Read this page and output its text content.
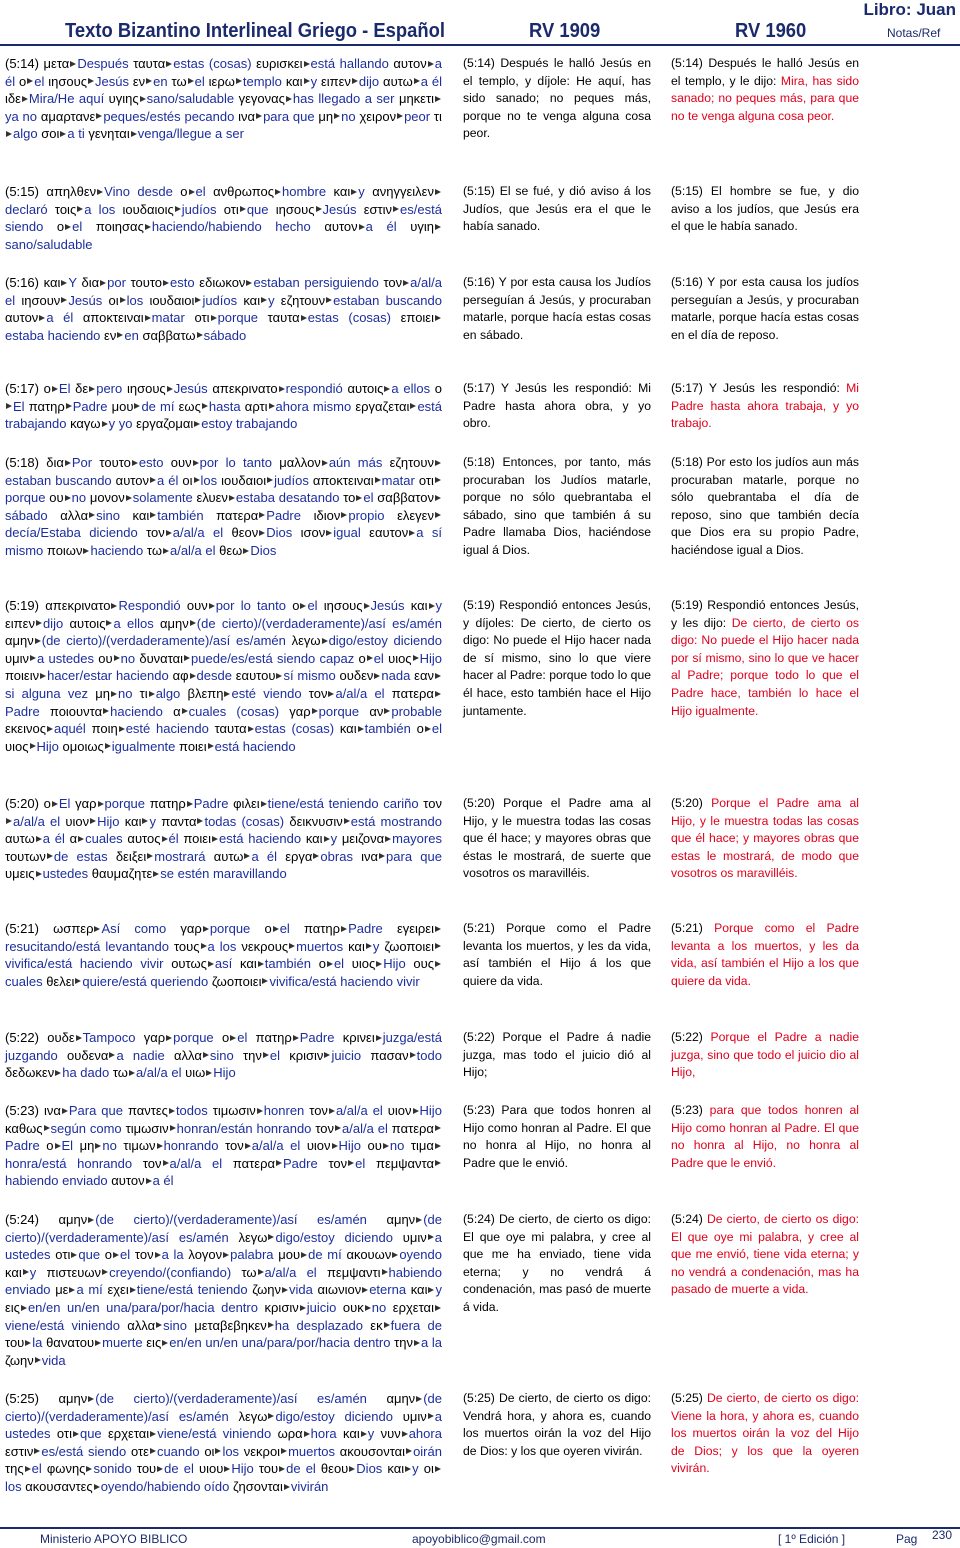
Texto Bizantino Interlineal Griego - Español	RV 1909	RV 1960
Libro: Juan
Notas/Ref
(5:14) μετα Después ταυτα estas (cosas) ευρισκει está hallando αυτον a él ο el ιησους Jesús εν en τω el ιερω templo και y ειπεν dijo αυτω a él ιδε Mira/He aquí υγιης sano/saludable γεγονας has llegado a ser μηκετιya no αμαρτανε peques/estés pecando ινα para que μη no χειρον peor τιalgo σοι a ti γενηται venga/llegue a ser
(5:14) Después le halló Jesús en el templo, y díjole: He aquí, has sido sanado; no peques más, porque no te venga alguna cosa peor.
(5:14) Después le halló Jesús en el templo, y le dijo: Mira, has sido sanado; no peques más, para que no te venga alguna cosa peor.
(5:15) απηλθεν Vino desde ο el ανθρωπος hombre και y ανηγγειλενdeclaró τοις a los ιουδαιοις judíos οτι que ιησους Jesús εστιν es/está siendo ο el ποιησας haciendo/habiendo hecho αυτον a él υγιηsano/saludable
(5:15) El se fué, y dió aviso á los Judíos, que Jesús era el que le había sanado.
(5:15) El hombre se fue, y dio aviso a los judíos, que Jesús era el que le había sanado.
(5:16) και Y δια por τουτο esto εδιωκον estaban persiguiendo τον a/al/a el ιησουν Jesús οι los ιουδαιοι judíos και y εζητουν estaban buscando αυτον a él αποκτειναι matar οτι porque ταυτα estas (cosas) εποιειestaba haciendo εν en σαββατω sábado
(5:16) Y por esta causa los Judíos perseguían á Jesús, y procuraban matarle, porque hacía estas cosas en sábado.
(5:16) Y por esta causa los judíos perseguían a Jesús, y procuraban matarle, porque hacía estas cosas en el día de reposo.
(5:17) ο El δε pero ιησους Jesús απεκρινατο respondió αυτοις a ellos οEl πατηρ Padre μου de mí εως hasta αρτι ahora mismo εργαζεται está trabajando καγω y yo εργαζομαι estoy trabajando
(5:17) Y Jesús les respondió: Mi Padre hasta ahora obra, y yo obro.
(5:17) Y Jesús les respondió: Mi Padre hasta ahora trabaja, y yo trabajo.
(5:18) δια Por τουτο esto ουν por lo tanto μαλλον aún más εζητουνestaban buscando αυτον a él οι los ιουδαιοι judíos αποκτειναι matar οτιporque ου no μονον solamente ελυεν estaba desatando το el σαββατονsábado αλλα sino και también πατερα Padre ιδιον propio ελεγενdecía/Estaba diciendo τον a/al/a el θεον Dios ισον igual εαυτον a sí mismo ποιων haciendo τω a/al/a el θεω Dios
(5:18) Entonces, por tanto, más procuraban los Judíos matarle, porque no sólo quebrantaba el sábado, sino que también á su Padre llamaba Dios, haciéndose igual á Dios.
(5:18) Por esto los judíos aun más procuraban matarle, porque no sólo quebrantaba el día de reposo, sino que también decía que Dios era su propio Padre, haciéndose igual a Dios.
(5:19) απεκρινατο Respondió ουν por lo tanto ο el ιησους Jesús και y ειπεν dijo αυτοις a ellos αμην (de cierto)/(verdaderamente)/así es/amén αμην (de cierto)/(verdaderamente)/así es/amén λεγω digo/estoy diciendo υμιν a ustedes ου no δυναται puede/es/está siendo capaz ο el υιος Hijo ποιειν hacer/estar haciendo αφ desde εαυτου sí mismo ουδεν nada εανsi alguna vez μη no τι algo βλεπη esté viendo τον a/al/a el πατεραPadre ποιουντα haciendo α cuales (cosas) γαρ porque αν probable εκεινος aquél ποιη esté haciendo ταυτα estas (cosas) και también ο el υιος Hijo ομοιως igualmente ποιει está haciendo
(5:19) Respondió entonces Jesús, y díjoles: De cierto, de cierto os digo: No puede el Hijo hacer nada de sí mismo, sino lo que viere hacer al Padre: porque todo lo que él hace, esto también hace el Hijo juntamente.
(5:19) Respondió entonces Jesús, y les dijo: De cierto, de cierto os digo: No puede el Hijo hacer nada por sí mismo, sino lo que ve hacer al Padre; porque todo lo que el Padre hace, también lo hace el Hijo igualmente.
(5:20) ο El γαρ porque πατηρ Padre φιλει tiene/está teniendo cariño τονa/al/a el υιον Hijo και y παντα todas (cosas) δεικνυσιν está mostrando αυτω a él α cuales αυτος él ποιει está haciendo και y μειζονα mayores τουτων de estas δειξει mostrará αυτω a él εργα obras ινα para que υμεις ustedes θαυμαζητε se estén maravillando
(5:20) Porque el Padre ama al Hijo, y le muestra todas las cosas que él hace; y mayores obras que éstas le mostrará, de suerte que vosotros os maravilléis.
(5:20) Porque el Padre ama al Hijo, y le muestra todas las cosas que él hace; y mayores obras que estas le mostrará, de modo que vosotros os maravilléis.
(5:21) ωσπερ Así como γαρ porque ο el πατηρ Padre εγειρειresucitando/está levantando τους a los νεκρους muertos και y ζωοποιειvivifica/está haciendo vivir ουτως así και también ο el υιος Hijo ουςcuales θελει quiere/está queriendo ζωοποιει vivifica/está haciendo vivir
(5:21) Porque como el Padre levanta los muertos, y les da vida, así también el Hijo á los que quiere da vida.
(5:21) Porque como el Padre levanta a los muertos, y les da vida, así también el Hijo a los que quiere da vida.
(5:22) ουδε Tampoco γαρ porque ο el πατηρ Padre κρινει juzga/está juzgando ουδενα a nadie αλλα sino την el κρισιν juicio πασαν todo δεδωκεν ha dado τω a/al/a el υιω Hijo
(5:22) Porque el Padre á nadie juzga, mas todo el juicio dió al Hijo;
(5:22) Porque el Padre a nadie juzga, sino que todo el juicio dio al Hijo,
(5:23) ινα Para que παντες todos τιμωσιν honren τον a/al/a el υιον Hijo καθως según como τιμωσιν honran/están honrando τον a/al/a el πατεραPadre ο El μη no τιμων honrando τον a/al/a el υιον Hijo ου no τιμαhonra/está honrando τον a/al/a el πατερα Padre τον el πεμψανταhabiendo enviado αυτον a él
(5:23) Para que todos honren al Hijo como honran al Padre. El que no honra al Hijo, no honra al Padre que le envió.
(5:23) para que todos honren al Hijo como honran al Padre. El que no honra al Hijo, no honra al Padre que le envió.
(5:24) αμην (de cierto)/(verdaderamente)/así es/amén αμην (de cierto)/(verdaderamente)/así es/amén λεγω digo/estoy diciendo υμιν a ustedes οτι que ο el τον a la λογον palabra μου de mí ακουων oyendo και y πιστευων creyendo/(confiando) τω a/al/a el πεμψαντι habiendo enviado με a mí εχει tiene/está teniendo ζωην vida αιωνιον eterna και y εις en/en un/en una/para/por/hacia dentro κρισιν juicio ουκ no ερχεταιviene/está viniendo αλλα sino μεταβεβηκεν ha desplazado εκ fuera de του la θανατου muerte εις en/en un/en una/para/por/hacia dentro την a la ζωην vida
(5:24) De cierto, de cierto os digo: El que oye mi palabra, y cree al que me ha enviado, tiene vida eterna; y no vendrá á condenación, mas pasó de muerte á vida.
(5:24) De cierto, de cierto os digo: El que oye mi palabra, y cree al que me envió, tiene vida eterna; y no vendrá a condenación, mas ha pasado de muerte a vida.
(5:25) αμην (de cierto)/(verdaderamente)/así es/amén αμην (de cierto)/(verdaderamente)/así es/amén λεγω digo/estoy diciendo υμιν a ustedes οτι que ερχεται viene/está viniendo ωρα hora και y νυν ahora εστιν es/está siendo οτε cuando οι los νεκροι muertos ακουσονται oirán της el φωνης sonido του de el υιου Hijo του de el θεου Dios και y οιlos ακουσαντες oyendo/habiendo oído ζησονται vivirán
(5:25) De cierto, de cierto os digo: Vendrá hora, y ahora es, cuando los muertos oirán la voz del Hijo de Dios: y los que oyeren vivirán.
(5:25) De cierto, de cierto os digo: Viene la hora, y ahora es, cuando los muertos oirán la voz del Hijo de Dios; y los que la oyeren vivirán.
Ministerio APOYO BIBLICO	apoyobiblico@gmail.com	[ 1º Edición ]	Pag 230
